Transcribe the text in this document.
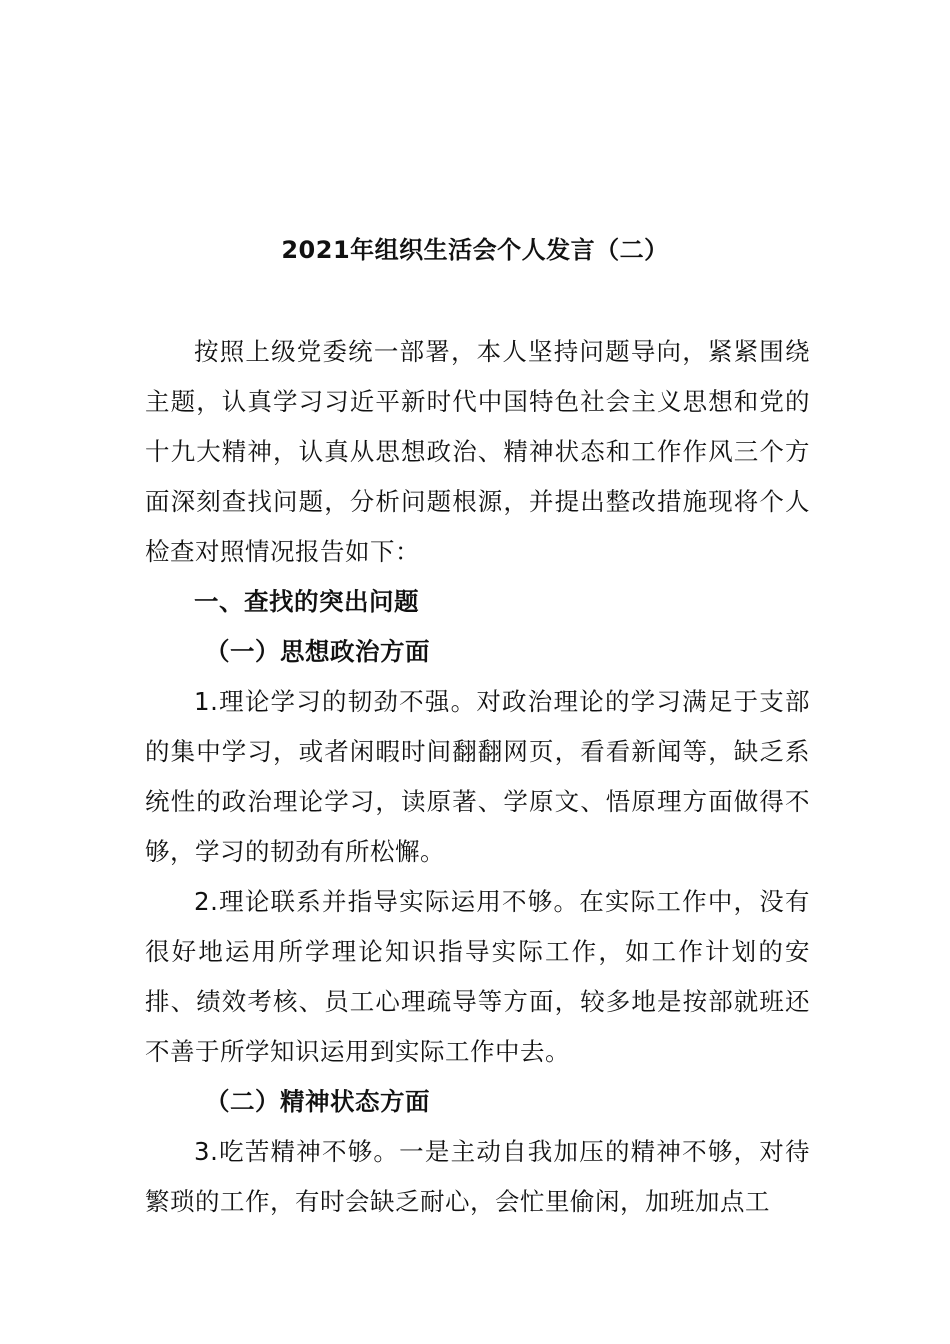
2021年组织生活会个人发言（二）

按照上级党委统一部署，本人坚持问题导向，紧紧围绕主题，认真学习习近平新时代中国特色社会主义思想和党的十九大精神，认真从思想政治、精神状态和工作作风三个方面深刻查找问题，分析问题根源，并提出整改措施现将个人检查对照情况报告如下：

一、查找的突出问题

（一）思想政治方面

1.理论学习的韧劲不强。对政治理论的学习满足于支部的集中学习，或者闲暇时间翻翻网页，看看新闻等，缺乏系统性的政治理论学习，读原著、学原文、悟原理方面做得不够，学习的韧劲有所松懈。

2.理论联系并指导实际运用不够。在实际工作中，没有很好地运用所学理论知识指导实际工作，如工作计划的安排、绩效考核、员工心理疏导等方面，较多地是按部就班还不善于所学知识运用到实际工作中去。

（二）精神状态方面

3.吃苦精神不够。一是主动自我加压的精神不够，对待繁琐的工作，有时会缺乏耐心，会忙里偷闲，加班加点工
